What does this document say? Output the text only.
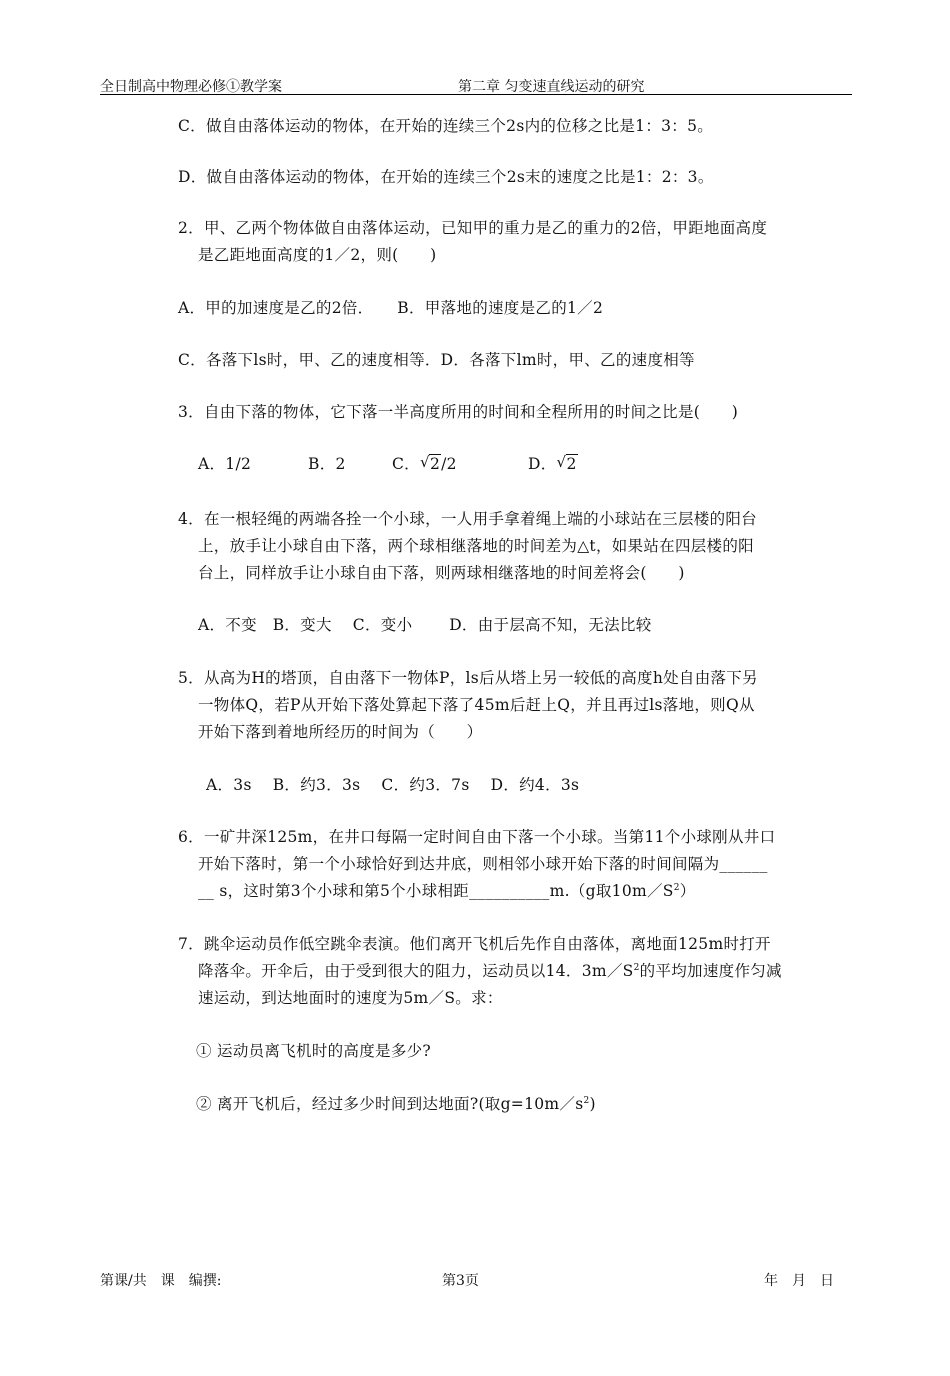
全日制高中物理必修①教学案	第二章 匀变速直线运动的研究
C．做自由落体运动的物体，在开始的连续三个2s内的位移之比是1：3：5。
D．做自由落体运动的物体，在开始的连续三个2s末的速度之比是1：2：3。
2．甲、乙两个物体做自由落体运动，已知甲的重力是乙的重力的2倍，甲距地面高度
是乙距地面高度的1／2，则(　　)
A．甲的加速度是乙的2倍．　　B．甲落地的速度是乙的1／2
C．各落下ls时，甲、乙的速度相等．D．各落下lm时，甲、乙的速度相等
3．自由下落的物体，它下落一半高度所用的时间和全程所用的时间之比是(　　)
A．1/2	B．2	C． √ 2/2	D． √ 2
4．在一根轻绳的两端各拴一个小球，一人用手拿着绳上端的小球站在三层楼的阳台
上，放手让小球自由下落，两个球相继落地的时间差为△t，如果站在四层楼的阳
台上，同样放手让小球自由下落，则两球相继落地的时间差将会(　　)
A．不变　B．变大　 C．变小　　 D．由于层高不知，无法比较
5．从高为H的塔顶，自由落下一物体P，ls后从塔上另一较低的高度h处自由落下另
一物体Q，若P从开始下落处算起下落了45m后赶上Q，并且再过ls落地，则Q从
开始下落到着地所经历的时间为（　　）
A．3s　 B．约3．3s　 C．约3．7s　 D．约4．3s
6．一矿井深125m，在井口每隔一定时间自由下落一个小球。当第11个小球刚从井口
开始下落时，第一个小球恰好到达井底，则相邻小球开始下落的时间间隔为______
__ s，这时第3个小球和第5个小球相距__________m.（g取$10m/S^2$）
7．跳伞运动员作低空跳伞表演。他们离开飞机后先作自由落体，离地面125m时打开
降落伞。开伞后，由于受到很大的阻力，运动员以14．$3m/S^2$的平均加速度作匀减
速运动，到达地面时的速度为5m／S。求：
① 运动员离飞机时的高度是多少?
② 离开飞机后，经过多少时间到达地面?(取$g=10m/s^2$)
第课/共　课　编撰:	第3页	年　月　日
